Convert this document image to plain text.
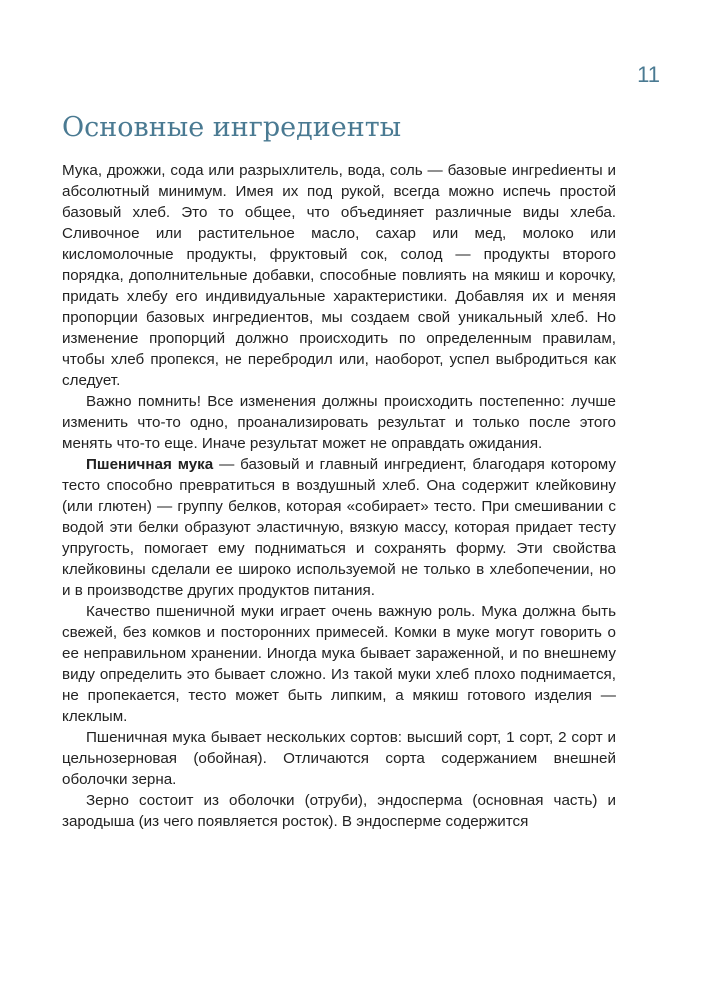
11
Основные ингредиенты

Мука, дрожжи, сода или разрыхлитель, вода, соль — базовые ингреdиенты и абсолютный минимум. Имея их под рукой, всегда можно испечь простой базовый хлеб. Это то общее, что объединяет различные виды хлеба. Сливочное или растительное масло, сахар или мед, молоко или кисломолочные продукты, фруктовый сок, солод — продукты второго порядка, дополнительные добавки, способные повлиять на мякиш и корочку, придать хлебу его индивидуальные характеристики. Добавляя их и меняя пропорции базовых ингредиентов, мы создаем свой уникальный хлеб. Но изменение пропорций должно происходить по определенным правилам, чтобы хлеб пропекся, не перебродил или, наоборот, успел выбродиться как следует.

Важно помнить! Все изменения должны происходить постепенно: лучше изменить что-то одно, проанализировать результат и только после этого менять что-то еще. Иначе результат может не оправдать ожидания.

Пшеничная мука — базовый и главный ингредиент, благодаря которому тесто способно превратиться в воздушный хлеб. Она содержит клейковину (или глютен) — группу белков, которая «собирает» тесто. При смешивании с водой эти белки образуют эластичную, вязкую массу, которая придает тесту упругость, помогает ему подниматься и сохранять форму. Эти свойства клейковины сделали ее широко используемой не только в хлебопечении, но и в производстве других продуктов питания.

Качество пшеничной муки играет очень важную роль. Мука должна быть свежей, без комков и посторонних примесей. Комки в муке могут говорить о ее неправильном хранении. Иногда мука бывает зараженной, и по внешнему виду определить это бывает сложно. Из такой муки хлеб плохо поднимается, не пропекается, тесто может быть липким, а мякиш готового изделия — клеклым.

Пшеничная мука бывает нескольких сортов: высший сорт, 1 сорт, 2 сорт и цельнозерновая (обойная). Отличаются сорта содержанием внешней оболочки зерна.

Зерно состоит из оболочки (отруби), эндосперма (основная часть) и зародыша (из чего появляется росток). В эндосперме содержится
